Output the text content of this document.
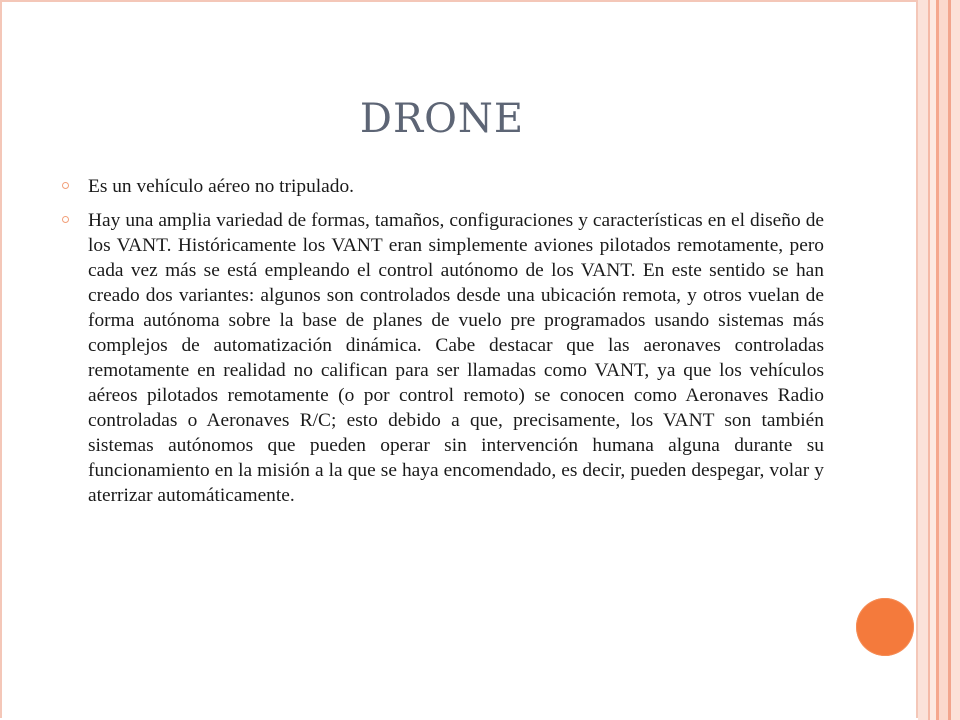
DRONE
Es un vehículo aéreo no tripulado.
Hay una amplia variedad de formas, tamaños, configuraciones y características en el diseño de los VANT. Históricamente los VANT eran simplemente aviones pilotados remotamente, pero cada vez más se está empleando el control autónomo de los VANT. En este sentido se han creado dos variantes: algunos son controlados desde una ubicación remota, y otros vuelan de forma autónoma sobre la base de planes de vuelo pre programados usando sistemas más complejos de automatización dinámica. Cabe destacar que las aeronaves controladas remotamente en realidad no califican para ser llamadas como VANT, ya que los vehículos aéreos pilotados remotamente (o por control remoto) se conocen como Aeronaves Radio controladas o Aeronaves R/C; esto debido a que, precisamente, los VANT son también sistemas autónomos que pueden operar sin intervención humana alguna durante su funcionamiento en la misión a la que se haya encomendado, es decir, pueden despegar, volar y aterrizar automáticamente.
